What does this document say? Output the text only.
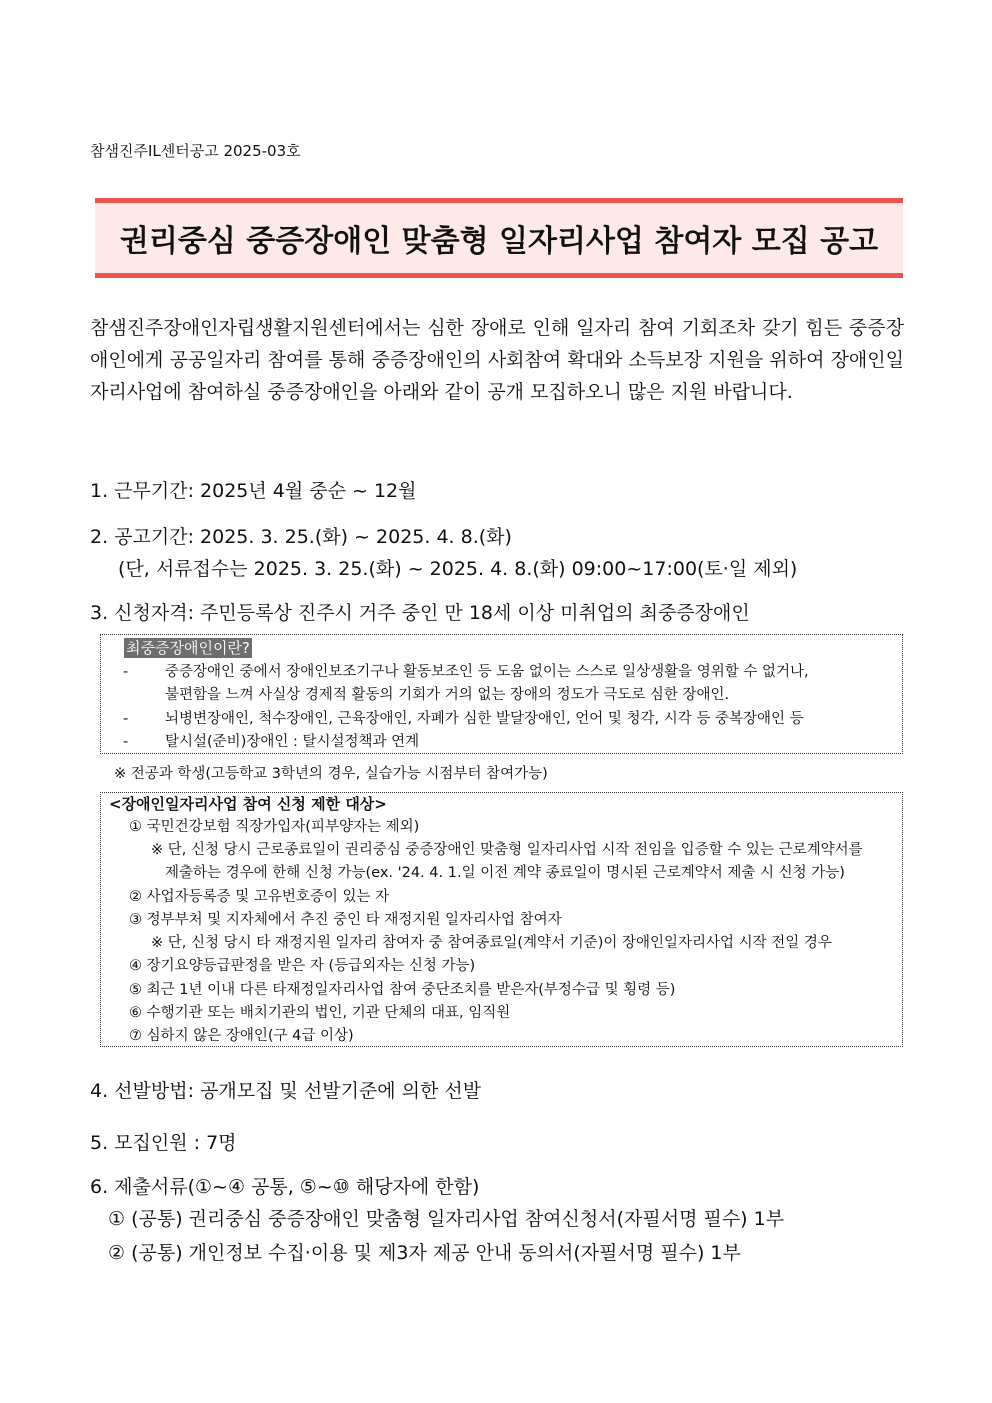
참샘진주IL센터공고 2025-03호
권리중심 중증장애인 맞춤형 일자리사업 참여자 모집 공고
참샘진주장애인자립생활지원센터에서는 심한 장애로 인해 일자리 참여 기회조차 갖기 힘든 중증장애인에게 공공일자리 참여를 통해 중증장애인의 사회참여 확대와 소득보장 지원을 위하여 장애인일자리사업에 참여하실 중증장애인을 아래와 같이 공개 모집하오니 많은 지원 바랍니다.
1. 근무기간: 2025년 4월 중순 ~ 12월
2. 공고기간: 2025. 3. 25.(화) ~ 2025. 4. 8.(화)
(단, 서류접수는 2025. 3. 25.(화) ~ 2025. 4. 8.(화) 09:00~17:00(토·일 제외)
3. 신청자격: 주민등록상 진주시 거주 중인 만 18세 이상 미취업의 최중증장애인
최중증장애인이란?
-	중증장애인 중에서 장애인보조기구나 활동보조인 등 도움 없이는 스스로 일상생활을 영위할 수 없거나,
불편함을 느껴 사실상 경제적 활동의 기회가 거의 없는 장애의 정도가 극도로 심한 장애인.
-	뇌병변장애인, 척수장애인, 근육장애인, 자폐가 심한 발달장애인, 언어 및 청각, 시각 등 중복장애인 등
-	탈시설(준비)장애인 : 탈시설정책과 연계
※ 전공과 학생(고등학교 3학년의 경우, 실습가능 시점부터 참여가능)
<장애인일자리사업 참여 신청 제한 대상>
① 국민건강보험 직장가입자(피부양자는 제외)
※ 단, 신청 당시 근로종료일이 권리중심 중증장애인 맞춤형 일자리사업 시작 전임을 입증할 수 있는 근로계약서를
제출하는 경우에 한해 신청 가능(ex. '24. 4. 1.일 이전 계약 종료일이 명시된 근로계약서 제출 시 신청 가능)
② 사업자등록증 및 고유번호증이 있는 자
③ 정부부처 및 지자체에서 추진 중인 타 재정지원 일자리사업 참여자
※ 단, 신청 당시 타 재정지원 일자리 참여자 중 참여종료일(계약서 기준)이 장애인일자리사업 시작 전일 경우
④ 장기요양등급판정을 받은 자 (등급외자는 신청 가능)
⑤ 최근 1년 이내 다른 타재정일자리사업 참여 중단조치를 받은자(부정수급 및 횡령 등)
⑥ 수행기관 또는 배치기관의 법인, 기관 단체의 대표, 임직원
⑦ 심하지 않은 장애인(구 4급 이상)
4. 선발방법: 공개모집 및 선발기준에 의한 선발
5. 모집인원 : 7명
6. 제출서류(①~④ 공통, ⑤~⑩ 해당자에 한함)
① (공통) 권리중심 중증장애인 맞춤형 일자리사업 참여신청서(자필서명 필수) 1부
② (공통) 개인정보 수집·이용 및 제3자 제공 안내 동의서(자필서명 필수) 1부
